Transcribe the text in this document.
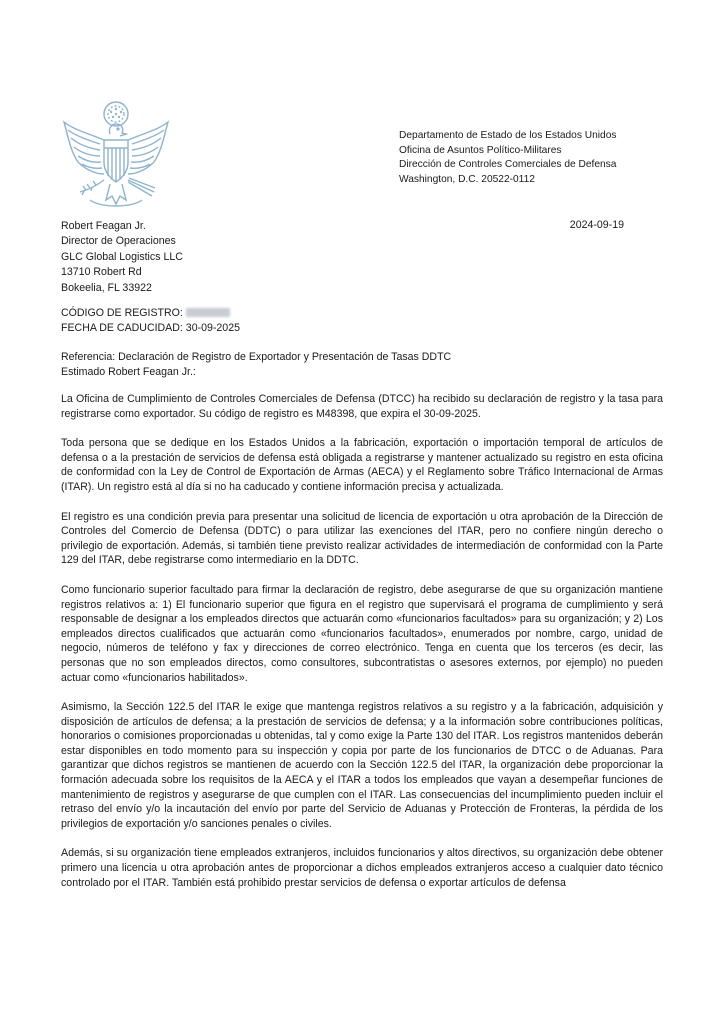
Departamento de Estado de los Estados Unidos
Oficina de Asuntos Político-Militares
Dirección de Controles Comerciales de Defensa
Washington, D.C. 20522-0112
2024-09-19
Robert Feagan Jr.
Director de Operaciones
GLC Global Logistics LLC
13710 Robert Rd
Bokeelia, FL 33922
CÓDIGO DE REGISTRO:
FECHA DE CADUCIDAD: 30-09-2025
Referencia: Declaración de Registro de Exportador y Presentación de Tasas DDTC
Estimado Robert Feagan Jr.:

La Oficina de Cumplimiento de Controles Comerciales de Defensa (DTCC) ha recibido su declaración de registro y la tasa para registrarse como exportador. Su código de registro es M48398, que expira el 30-09-2025.

Toda persona que se dedique en los Estados Unidos a la fabricación, exportación o importación temporal de artículos de defensa o a la prestación de servicios de defensa está obligada a registrarse y mantener actualizado su registro en esta oficina de conformidad con la Ley de Control de Exportación de Armas (AECA) y el Reglamento sobre Tráfico Internacional de Armas (ITAR). Un registro está al día si no ha caducado y contiene información precisa y actualizada.

El registro es una condición previa para presentar una solicitud de licencia de exportación u otra aprobación de la Dirección de Controles del Comercio de Defensa (DDTC) o para utilizar las exenciones del ITAR, pero no confiere ningún derecho o privilegio de exportación. Además, si también tiene previsto realizar actividades de intermediación de conformidad con la Parte 129 del ITAR, debe registrarse como intermediario en la DDTC.

Como funcionario superior facultado para firmar la declaración de registro, debe asegurarse de que su organización mantiene registros relativos a: 1) El funcionario superior que figura en el registro que supervisará el programa de cumplimiento y será responsable de designar a los empleados directos que actuarán como «funcionarios facultados» para su organización; y 2) Los empleados directos cualificados que actuarán como «funcionarios facultados», enumerados por nombre, cargo, unidad de negocio, números de teléfono y fax y direcciones de correo electrónico. Tenga en cuenta que los terceros (es decir, las personas que no son empleados directos, como consultores, subcontratistas o asesores externos, por ejemplo) no pueden actuar como «funcionarios habilitados».

Asimismo, la Sección 122.5 del ITAR le exige que mantenga registros relativos a su registro y a la fabricación, adquisición y disposición de artículos de defensa; a la prestación de servicios de defensa; y a la información sobre contribuciones políticas, honorarios o comisiones proporcionadas u obtenidas, tal y como exige la Parte 130 del ITAR. Los registros mantenidos deberán estar disponibles en todo momento para su inspección y copia por parte de los funcionarios de DTCC o de Aduanas. Para garantizar que dichos registros se mantienen de acuerdo con la Sección 122.5 del ITAR, la organización debe proporcionar la formación adecuada sobre los requisitos de la AECA y el ITAR a todos los empleados que vayan a desempeñar funciones de mantenimiento de registros y asegurarse de que cumplen con el ITAR. Las consecuencias del incumplimiento pueden incluir el retraso del envío y/o la incautación del envío por parte del Servicio de Aduanas y Protección de Fronteras, la pérdida de los privilegios de exportación y/o sanciones penales o civiles.

Además, si su organización tiene empleados extranjeros, incluidos funcionarios y altos directivos, su organización debe obtener primero una licencia u otra aprobación antes de proporcionar a dichos empleados extranjeros acceso a cualquier dato técnico controlado por el ITAR. También está prohibido prestar servicios de defensa o exportar artículos de defensa
